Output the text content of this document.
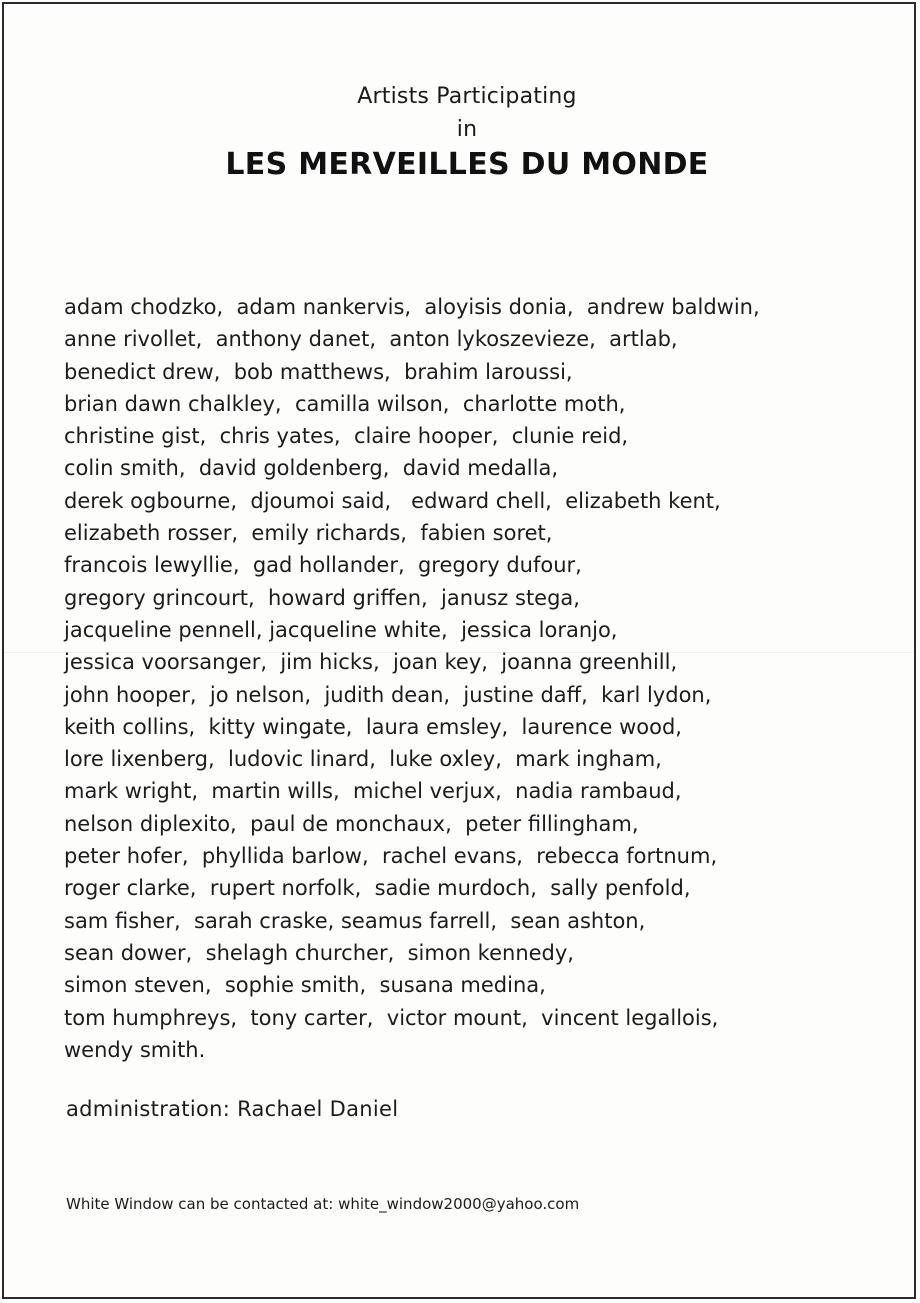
Artists Participating
in
LES MERVEILLES DU MONDE
adam chodzko,  adam nankervis,  aloyisis donia,  andrew baldwin,
anne rivollet,  anthony danet,  anton lykoszevieze,  artlab,
benedict drew,  bob matthews,  brahim laroussi,
brian dawn chalkley,  camilla wilson,  charlotte moth,
christine gist,  chris yates,  claire hooper,  clunie reid,
colin smith,  david goldenberg,  david medalla,
derek ogbourne,  djoumoi said,   edward chell,  elizabeth kent,
elizabeth rosser,  emily richards,  fabien soret,
francois lewyllie,  gad hollander,  gregory dufour,
gregory grincourt,  howard griffen,  janusz stega,
jacqueline pennell, jacqueline white,  jessica loranjo,
jessica voorsanger,  jim hicks,  joan key,  joanna greenhill,
john hooper,  jo nelson,  judith dean,  justine daff,  karl lydon,
keith collins,  kitty wingate,  laura emsley,  laurence wood,
lore lixenberg,  ludovic linard,  luke oxley,  mark ingham,
mark wright,  martin wills,  michel verjux,  nadia rambaud,
nelson diplexito,  paul de monchaux,  peter fillingham,
peter hofer,  phyllida barlow,  rachel evans,  rebecca fortnum,
roger clarke,  rupert norfolk,  sadie murdoch,  sally penfold,
sam fisher,  sarah craske, seamus farrell,  sean ashton,
sean dower,  shelagh churcher,  simon kennedy,
simon steven,  sophie smith,  susana medina,
tom humphreys,  tony carter,  victor mount,  vincent legallois,
wendy smith.
administration: Rachael Daniel
White Window can be contacted at: white_window2000@yahoo.com
